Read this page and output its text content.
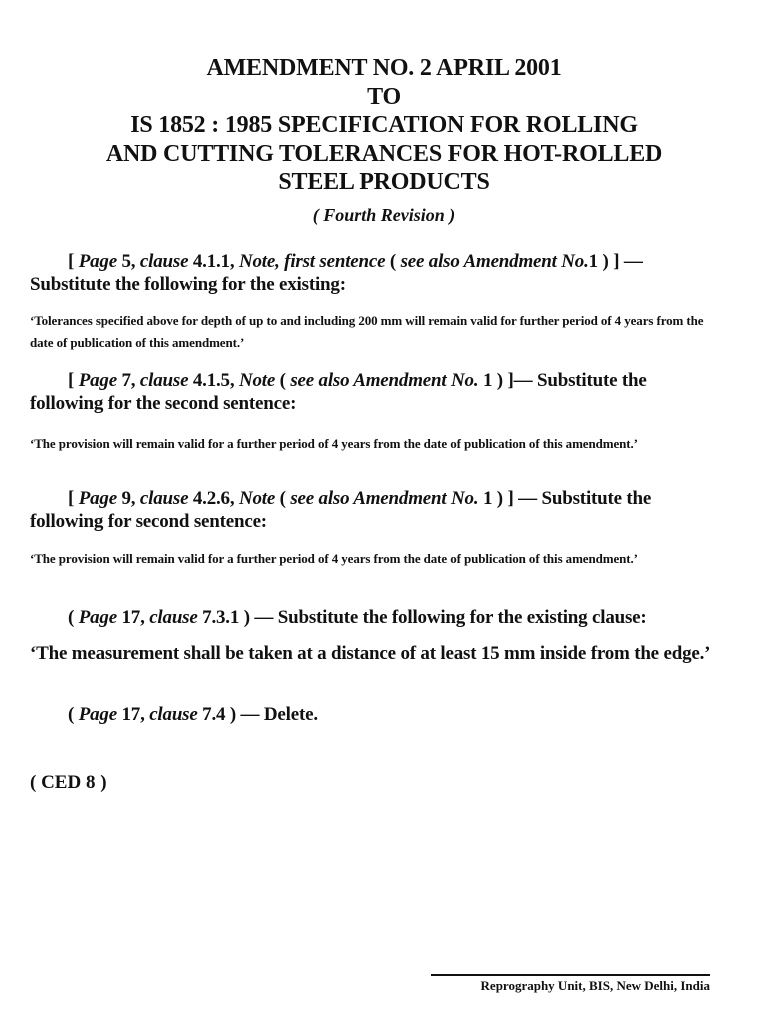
AMENDMENT NO. 2 APRIL 2001
TO
IS 1852 : 1985 SPECIFICATION FOR ROLLING
AND CUTTING TOLERANCES FOR HOT-ROLLED
STEEL PRODUCTS
( Fourth Revision )
[ Page 5, clause 4.1.1, Note, first sentence ( see also Amendment No.1 ) ] — Substitute the following for the existing:
‘Tolerances specified above for depth of up to and including 200 mm will remain valid for further period of 4 years from the date of publication of this amendment.’
[ Page 7, clause 4.1.5, Note ( see also Amendment No. 1 ) ]— Substitute the following for the second sentence:
‘The provision will remain valid for a further period of 4 years from the date of publication of this amendment.’
[ Page 9, clause 4.2.6, Note ( see also Amendment No. 1 ) ] — Substitute the following for second sentence:
‘The provision will remain valid for a further period of 4 years from the date of publication of this amendment.’
( Page 17, clause 7.3.1 ) — Substitute the following for the existing clause:
‘The measurement shall be taken at a distance of at least 15 mm inside from the edge.’
( Page 17, clause 7.4 ) — Delete.
( CED 8 )
Reprography Unit, BIS, New Delhi, India
